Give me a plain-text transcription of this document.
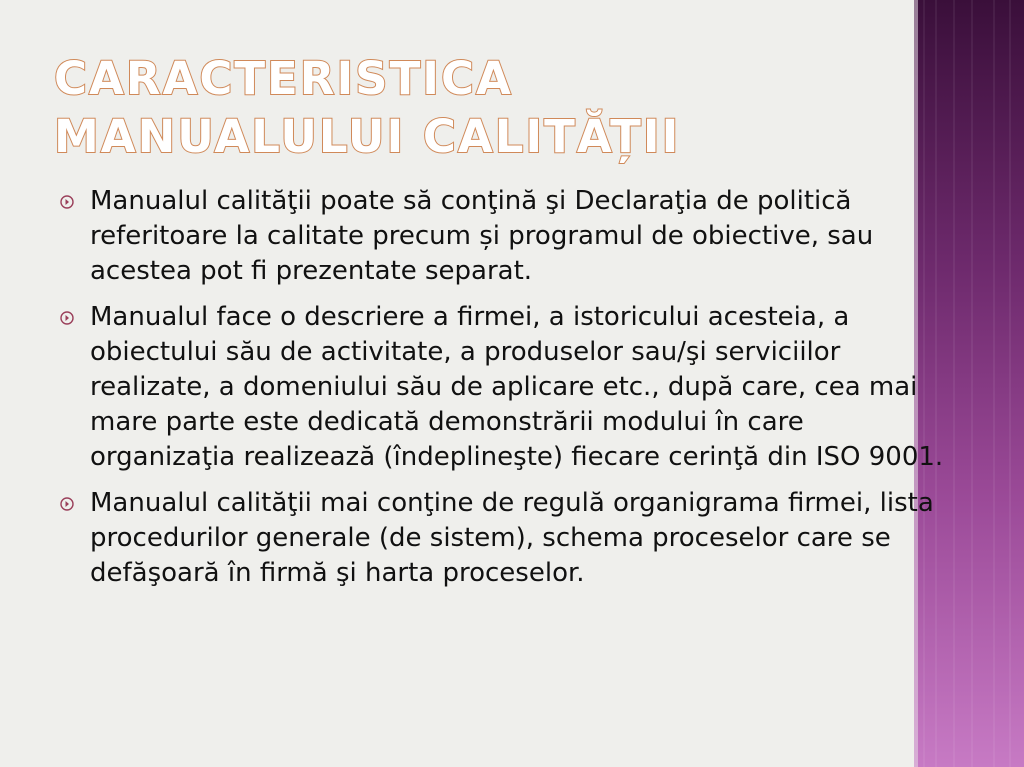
CARACTERISTICA MANUALULUI CALITĂȚII
Manualul calităţii poate să conţină şi Declaraţia de politică referitoare la calitate precum și programul de obiective, sau acestea pot fi prezentate separat.
Manualul face o descriere a firmei, a istoricului acesteia, a obiectului său de activitate, a produselor sau/şi serviciilor realizate, a domeniului său de aplicare etc., după care, cea mai mare parte este dedicată demonstrării modului în care organizaţia realizează (îndeplineşte) fiecare cerinţă din ISO 9001.
Manualul calităţii mai conţine de regulă organigrama firmei, lista procedurilor generale (de sistem), schema proceselor care se defăşoară în firmă şi harta proceselor.
